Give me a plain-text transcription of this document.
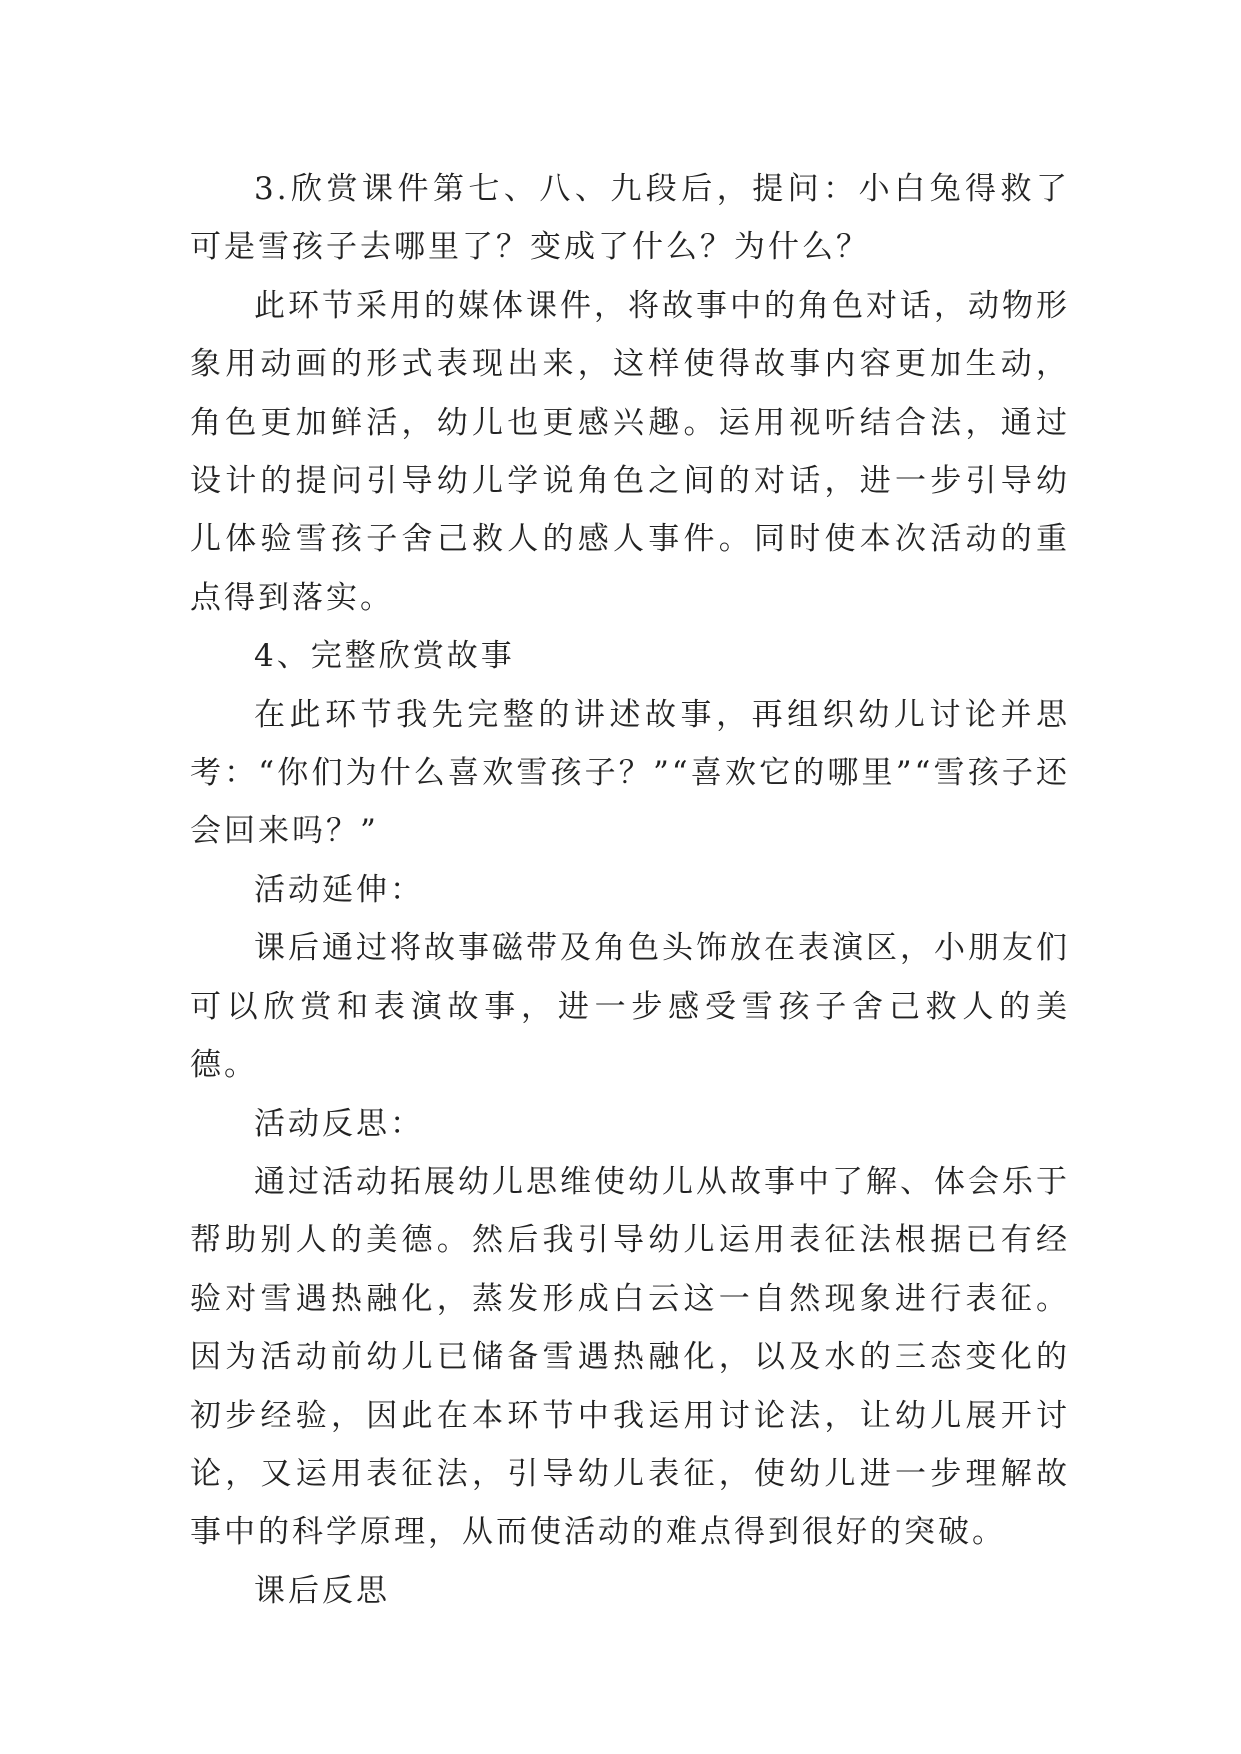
3.欣赏课件第七、八、九段后，提问：小白兔得救了可是雪孩子去哪里了？变成了什么？为什么？

此环节采用的媒体课件，将故事中的角色对话，动物形象用动画的形式表现出来，这样使得故事内容更加生动，角色更加鲜活，幼儿也更感兴趣。运用视听结合法，通过设计的提问引导幼儿学说角色之间的对话，进一步引导幼儿体验雪孩子舍己救人的感人事件。同时使本次活动的重点得到落实。

4、完整欣赏故事

在此环节我先完整的讲述故事，再组织幼儿讨论并思考：“你们为什么喜欢雪孩子？”“喜欢它的哪里”“雪孩子还会回来吗？”

活动延伸：

课后通过将故事磁带及角色头饰放在表演区，小朋友们可以欣赏和表演故事，进一步感受雪孩子舍己救人的美德。

活动反思：

通过活动拓展幼儿思维使幼儿从故事中了解、体会乐于帮助别人的美德。然后我引导幼儿运用表征法根据已有经验对雪遇热融化，蒸发形成白云这一自然现象进行表征。因为活动前幼儿已储备雪遇热融化，以及水的三态变化的初步经验，因此在本环节中我运用讨论法，让幼儿展开讨论，又运用表征法，引导幼儿表征，使幼儿进一步理解故事中的科学原理，从而使活动的难点得到很好的突破。

课后反思
